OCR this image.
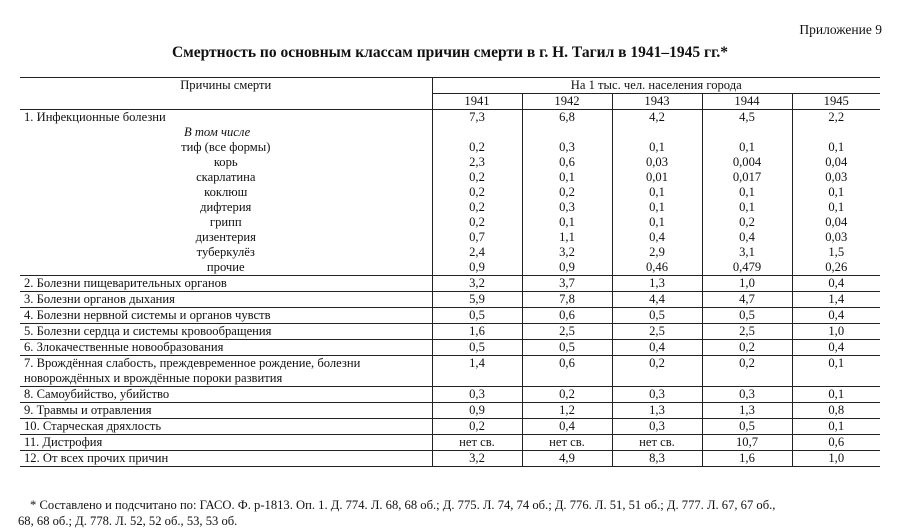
Приложение 9
Смертность по основным классам причин смерти в г. Н. Тагил в 1941–1945 гг.*
Причины смерти	На 1 тыс. чел. населения города				
	1941	1942	1943	1944	1945
1. Инфекционные болезни	7,3	6,8	4,2	4,5	2,2
В том числе					
тиф (все формы)	0,2	0,3	0,1	0,1	0,1
корь	2,3	0,6	0,03	0,004	0,04
скарлатина	0,2	0,1	0,01	0,017	0,03
коклюш	0,2	0,2	0,1	0,1	0,1
дифтерия	0,2	0,3	0,1	0,1	0,1
грипп	0,2	0,1	0,1	0,2	0,04
дизентерия	0,7	1,1	0,4	0,4	0,03
туберкулёз	2,4	3,2	2,9	3,1	1,5
прочие	0,9	0,9	0,46	0,479	0,26
2. Болезни пищеварительных органов	3,2	3,7	1,3	1,0	0,4
3. Болезни органов дыхания	5,9	7,8	4,4	4,7	1,4
4. Болезни нервной системы и органов чувств	0,5	0,6	0,5	0,5	0,4
5. Болезни сердца и системы кровообращения	1,6	2,5	2,5	2,5	1,0
6. Злокачественные новообразования	0,5	0,5	0,4	0,2	0,4
7. Врождённая слабость, преждевременное рождение, болезни новорождённых и врождённые пороки развития	1,4	0,6	0,2	0,2	0,1
8. Самоубийство, убийство	0,3	0,2	0,3	0,3	0,1
9. Травмы и отравления	0,9	1,2	1,3	1,3	0,8
10. Старческая дряхлость	0,2	0,4	0,3	0,5	0,1
11. Дистрофия	нет св.	нет св.	нет св.	10,7	0,6
12. От всех прочих причин	3,2	4,9	8,3	1,6	1,0
* Составлено и подсчитано по: ГАСО. Ф. р-1813. Оп. 1. Д. 774. Л. 68, 68 об.; Д. 775. Л. 74, 74 об.; Д. 776. Л. 51, 51 об.; Д. 777. Л. 67, 67 об.,
68, 68 об.; Д. 778. Л. 52, 52 об., 53, 53 об.
